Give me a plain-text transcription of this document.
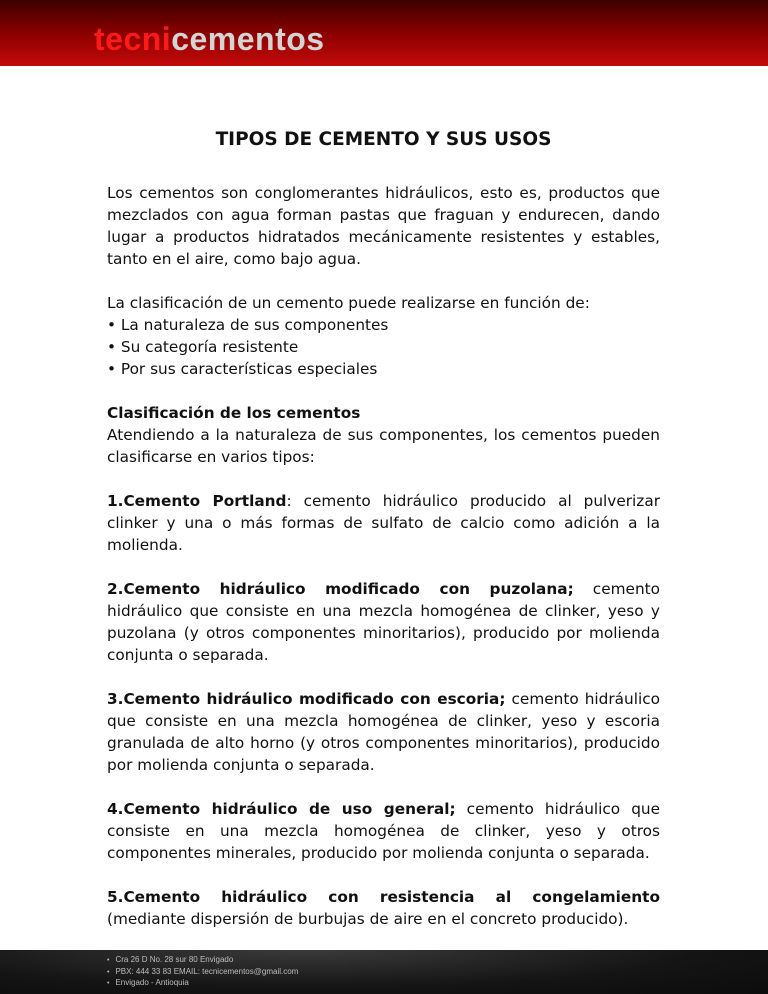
tecnicementos
TIPOS DE CEMENTO Y SUS USOS

Los cementos son conglomerantes hidráulicos, esto es, productos que mezclados con agua forman pastas que fraguan y endurecen, dando lugar a productos hidratados mecánicamente resistentes y estables, tanto en el aire, como bajo agua.

La clasificación de un cemento puede realizarse en función de:
• La naturaleza de sus componentes
• Su categoría resistente
• Por sus características especiales

Clasificación de los cementos
Atendiendo a la naturaleza de sus componentes, los cementos pueden clasificarse en varios tipos:

1.Cemento Portland: cemento hidráulico producido al pulverizar clinker y una o más formas de sulfato de calcio como adición a la molienda.

2.Cemento hidráulico modificado con puzolana; cemento hidráulico que consiste en una mezcla homogénea de clinker, yeso y puzolana (y otros componentes minoritarios), producido por molienda conjunta o separada.

3.Cemento hidráulico modificado con escoria; cemento hidráulico que consiste en una mezcla homogénea de clinker, yeso y escoria granulada de alto horno (y otros componentes minoritarios), producido por molienda conjunta o separada.

4.Cemento hidráulico de uso general; cemento hidráulico que consiste en una mezcla homogénea de clinker, yeso y otros componentes minerales, producido por molienda conjunta o separada.

5.Cemento hidráulico con resistencia al congelamiento (mediante dispersión de burbujas de aire en el concreto producido).

• Cra 26 D No. 28 sur 80 Envigado
• PBX: 444 33 83 EMAIL: tecnicementos@gmail.com
• Envigado - Antioquia
